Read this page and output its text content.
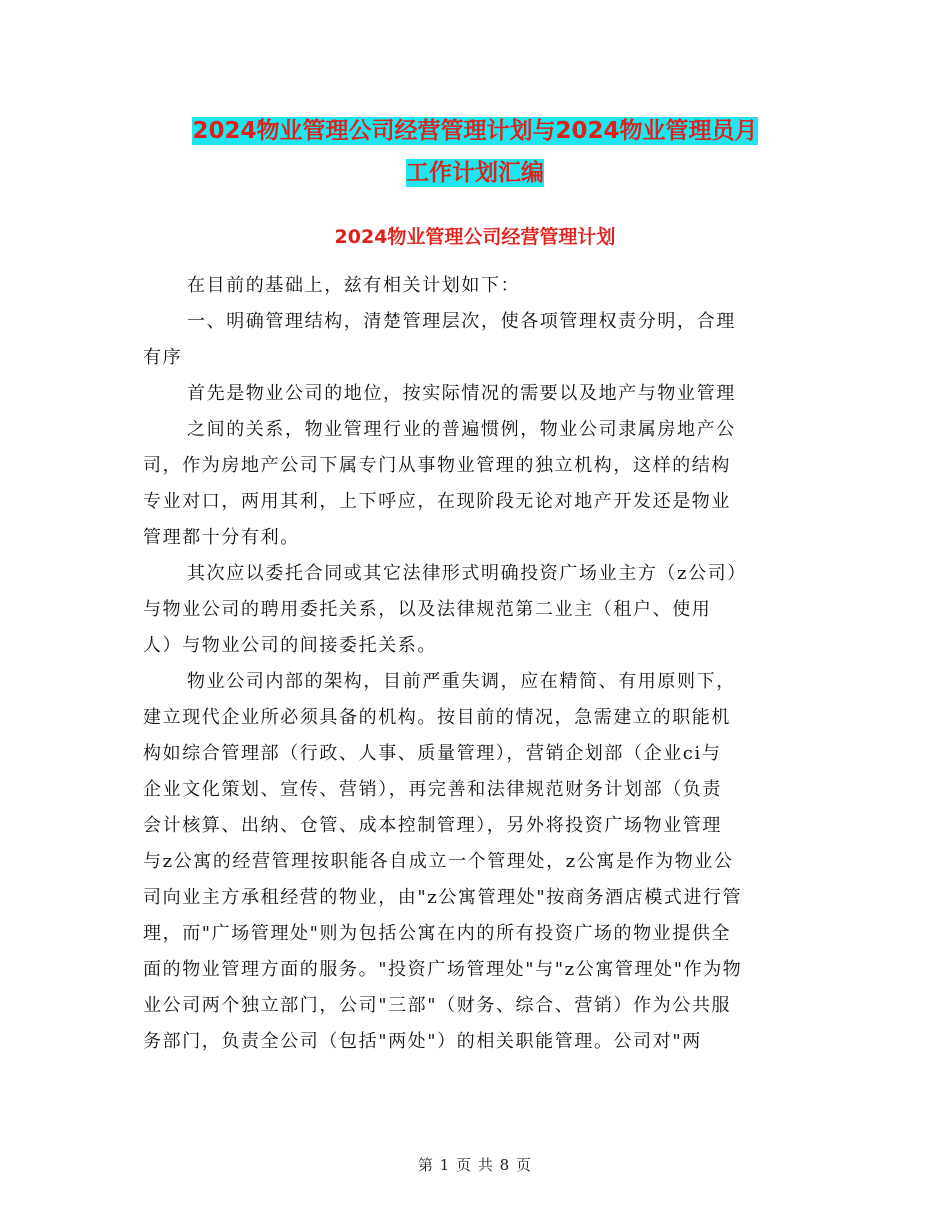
2024物业管理公司经营管理计划与2024物业管理员月
工作计划汇编
2024物业管理公司经营管理计划
在目前的基础上，兹有相关计划如下：
一、明确管理结构，清楚管理层次，使各项管理权责分明，合理
有序
首先是物业公司的地位，按实际情况的需要以及地产与物业管理
之间的关系，物业管理行业的普遍惯例，物业公司隶属房地产公
司，作为房地产公司下属专门从事物业管理的独立机构，这样的结构
专业对口，两用其利，上下呼应，在现阶段无论对地产开发还是物业
管理都十分有利。
其次应以委托合同或其它法律形式明确投资广场业主方（z公司）
与物业公司的聘用委托关系，以及法律规范第二业主（租户、使用
人）与物业公司的间接委托关系。
物业公司内部的架构，目前严重失调，应在精简、有用原则下，
建立现代企业所必须具备的机构。按目前的情况，急需建立的职能机
构如综合管理部（行政、人事、质量管理），营销企划部（企业ci与
企业文化策划、宣传、营销），再完善和法律规范财务计划部（负责
会计核算、出纳、仓管、成本控制管理），另外将投资广场物业管理
与z公寓的经营管理按职能各自成立一个管理处，z公寓是作为物业公
司向业主方承租经营的物业，由"z公寓管理处"按商务酒店模式进行管
理，而"广场管理处"则为包括公寓在内的所有投资广场的物业提供全
面的物业管理方面的服务。"投资广场管理处"与"z公寓管理处"作为物
业公司两个独立部门，公司"三部"（财务、综合、营销）作为公共服
务部门，负责全公司（包括"两处"）的相关职能管理。公司对"两
第 1 页 共 8 页
